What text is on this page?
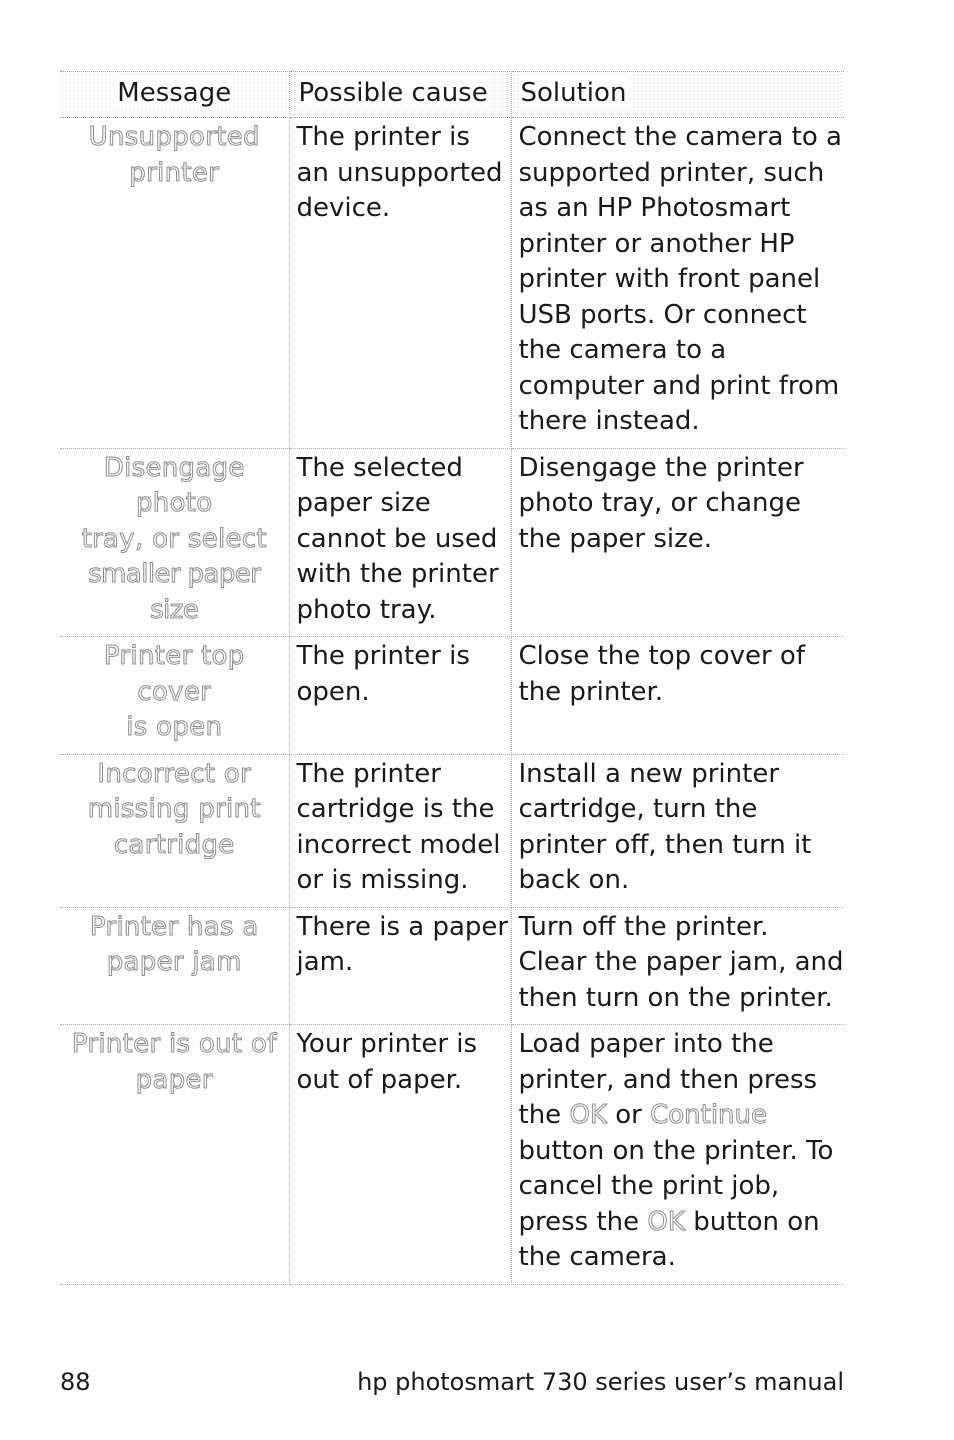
Message	Possible cause	Solution

Unsupported
printer	The printer is an unsupported device.	Connect the camera to a supported printer, such as an HP Photosmart printer or another HP printer with front panel USB ports. Or connect the camera to a computer and print from there instead.

Disengage photo
tray, or select
smaller paper size	The selected paper size cannot be used with the printer photo tray.	Disengage the printer photo tray, or change the paper size.

Printer top cover
is open	The printer is open.	Close the top cover of the printer.

Incorrect or
missing print
cartridge	The printer cartridge is the incorrect model or is missing.	Install a new printer cartridge, turn the printer off, then turn it back on.

Printer has a
paper jam	There is a paper jam.	Turn off the printer. Clear the paper jam, and then turn on the printer.

Printer is out of
paper	Your printer is out of paper.	Load paper into the printer, and then press the OK or Continue button on the printer. To cancel the print job, press the OK button on the camera.
88	hp photosmart 730 series user’s manual
